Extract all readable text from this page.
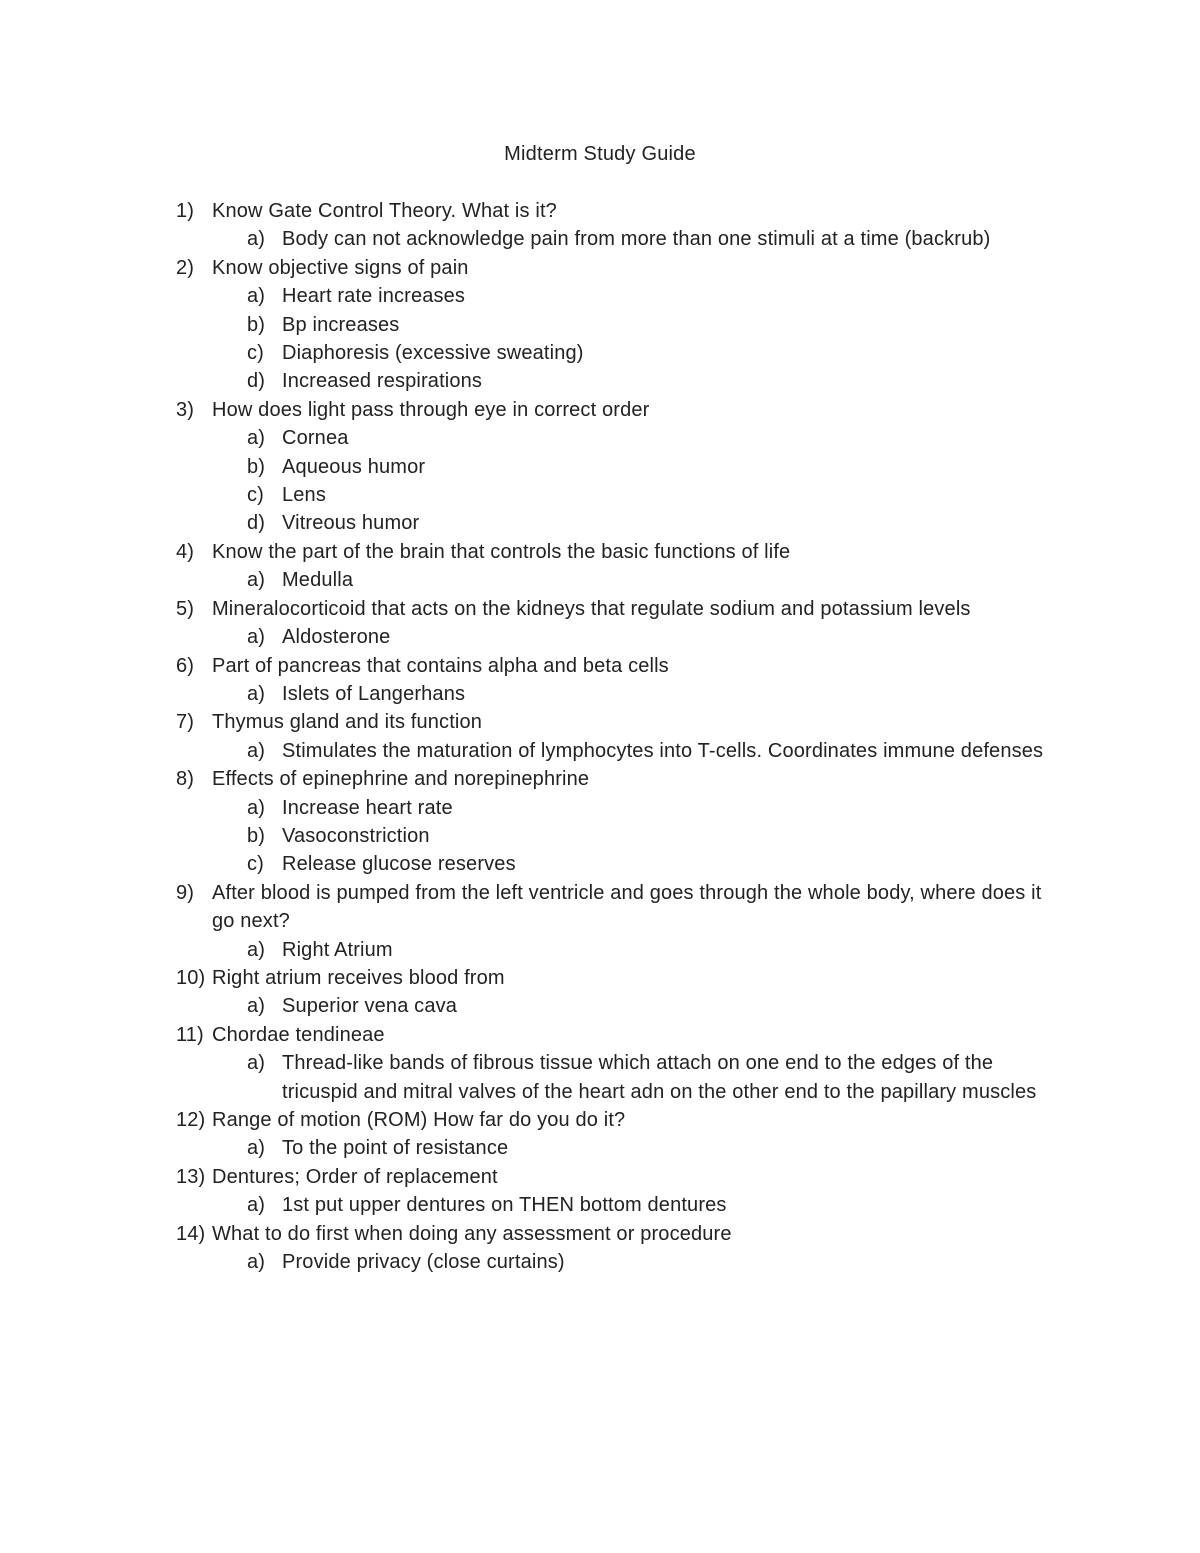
Midterm Study Guide
1) Know Gate Control Theory. What is it?
a) Body can not acknowledge pain from more than one stimuli at a time (backrub)
2) Know objective signs of pain
a) Heart rate increases
b) Bp increases
c) Diaphoresis (excessive sweating)
d) Increased respirations
3) How does light pass through eye in correct order
a) Cornea
b) Aqueous humor
c) Lens
d) Vitreous humor
4) Know the part of the brain that controls the basic functions of life
a) Medulla
5) Mineralocorticoid that acts on the kidneys that regulate sodium and potassium levels
a) Aldosterone
6) Part of pancreas that contains alpha and beta cells
a) Islets of Langerhans
7) Thymus gland and its function
a) Stimulates the maturation of lymphocytes into T-cells. Coordinates immune defenses
8) Effects of epinephrine and norepinephrine
a) Increase heart rate
b) Vasoconstriction
c) Release glucose reserves
9) After blood is pumped from the left ventricle and goes through the whole body, where does it go next?
a) Right Atrium
10) Right atrium receives blood from
a) Superior vena cava
11) Chordae tendineae
a) Thread-like bands of fibrous tissue which attach on one end to the edges of the tricuspid and mitral valves of the heart adn on the other end to the papillary muscles
12) Range of motion (ROM) How far do you do it?
a) To the point of resistance
13) Dentures; Order of replacement
a) 1st put upper dentures on THEN bottom dentures
14) What to do first when doing any assessment or procedure
a) Provide privacy (close curtains)
